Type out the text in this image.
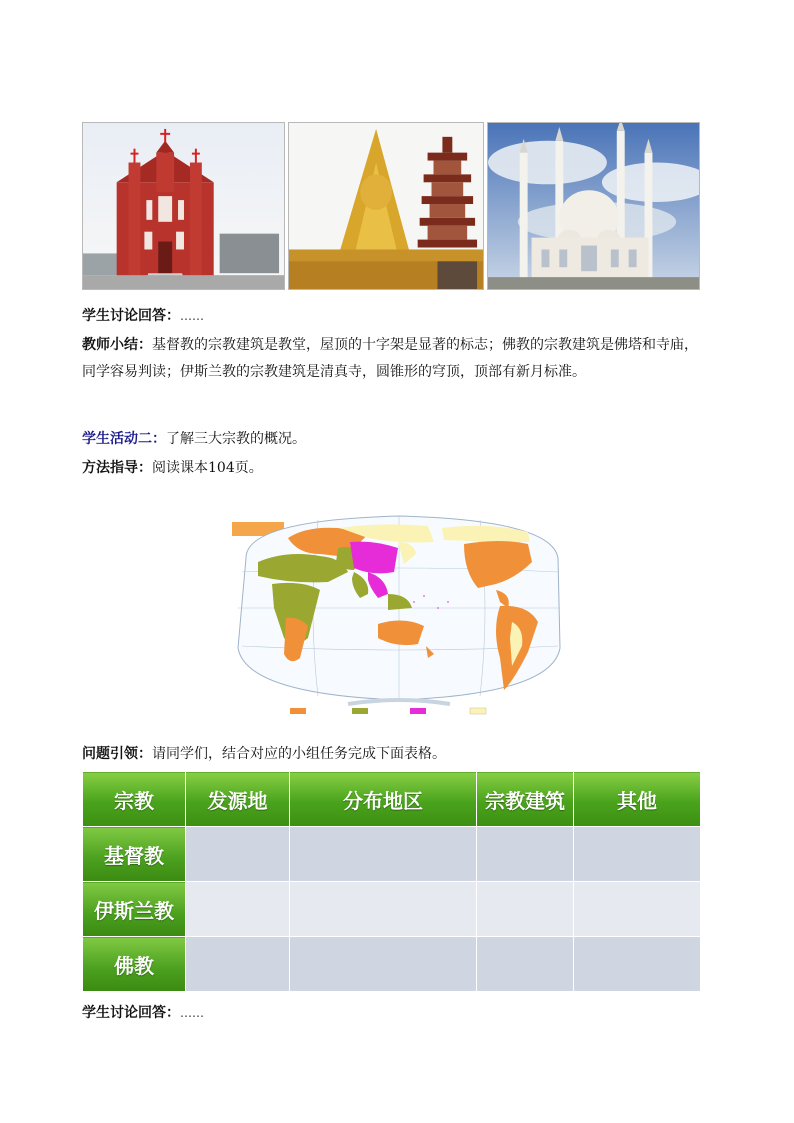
学生讨论回答：……
教师小结：基督教的宗教建筑是教堂，屋顶的十字架是显著的标志；佛教的宗教建筑是佛塔和寺庙，同学容易判读；伊斯兰教的宗教建筑是清真寺，圆锥形的穹顶，顶部有新月标准。
学生活动二：了解三大宗教的概况。
方法指导：阅读课本104页。
问题引领：请同学们，结合对应的小组任务完成下面表格。
宗教	发源地	分布地区	宗教建筑	其他
基督教				
伊斯兰教				
佛教				
学生讨论回答：……
